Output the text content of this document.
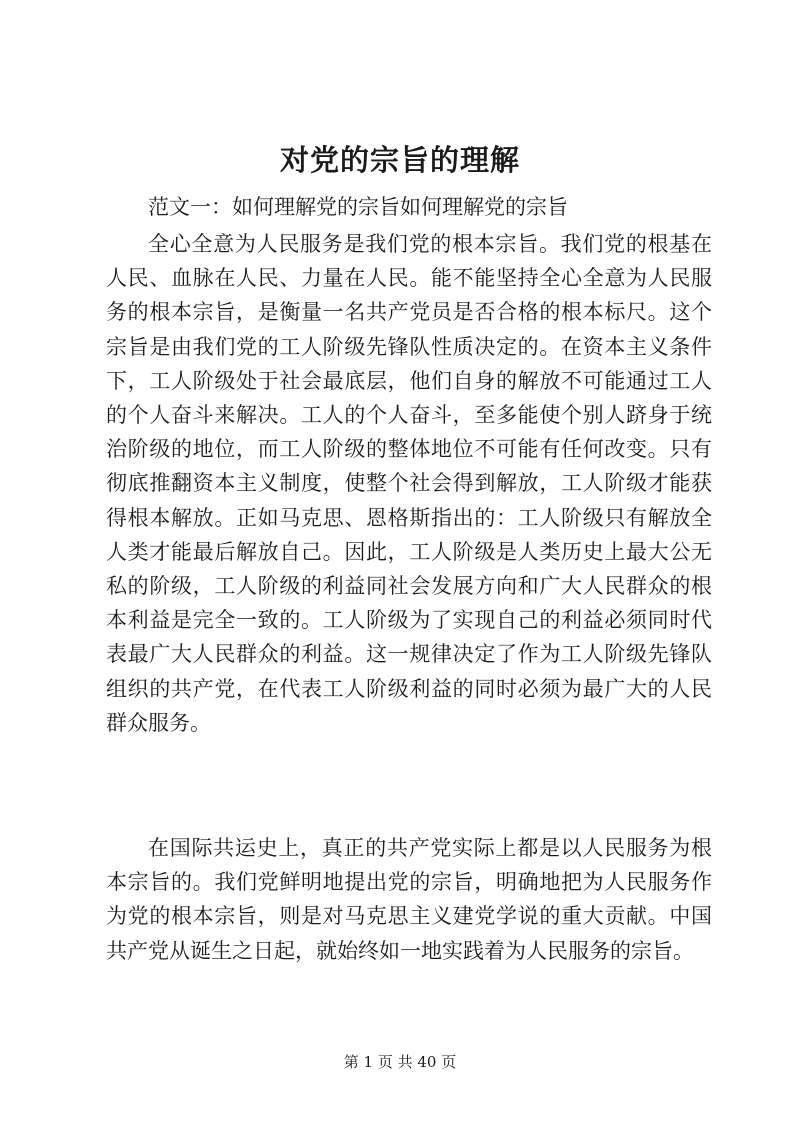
对党的宗旨的理解

范文一：如何理解党的宗旨如何理解党的宗旨

全心全意为人民服务是我们党的根本宗旨。我们党的根基在人民、血脉在人民、力量在人民。能不能坚持全心全意为人民服务的根本宗旨，是衡量一名共产党员是否合格的根本标尺。这个宗旨是由我们党的工人阶级先锋队性质决定的。在资本主义条件下，工人阶级处于社会最底层，他们自身的解放不可能通过工人的个人奋斗来解决。工人的个人奋斗，至多能使个别人跻身于统治阶级的地位，而工人阶级的整体地位不可能有任何改变。只有彻底推翻资本主义制度，使整个社会得到解放，工人阶级才能获得根本解放。正如马克思、恩格斯指出的：工人阶级只有解放全人类才能最后解放自己。因此，工人阶级是人类历史上最大公无私的阶级，工人阶级的利益同社会发展方向和广大人民群众的根本利益是完全一致的。工人阶级为了实现自己的利益必须同时代表最广大人民群众的利益。这一规律决定了作为工人阶级先锋队组织的共产党，在代表工人阶级利益的同时必须为最广大的人民群众服务。

在国际共运史上，真正的共产党实际上都是以人民服务为根本宗旨的。我们党鲜明地提出党的宗旨，明确地把为人民服务作为党的根本宗旨，则是对马克思主义建党学说的重大贡献。中国共产党从诞生之日起，就始终如一地实践着为人民服务的宗旨。

第 1 页 共 40 页
